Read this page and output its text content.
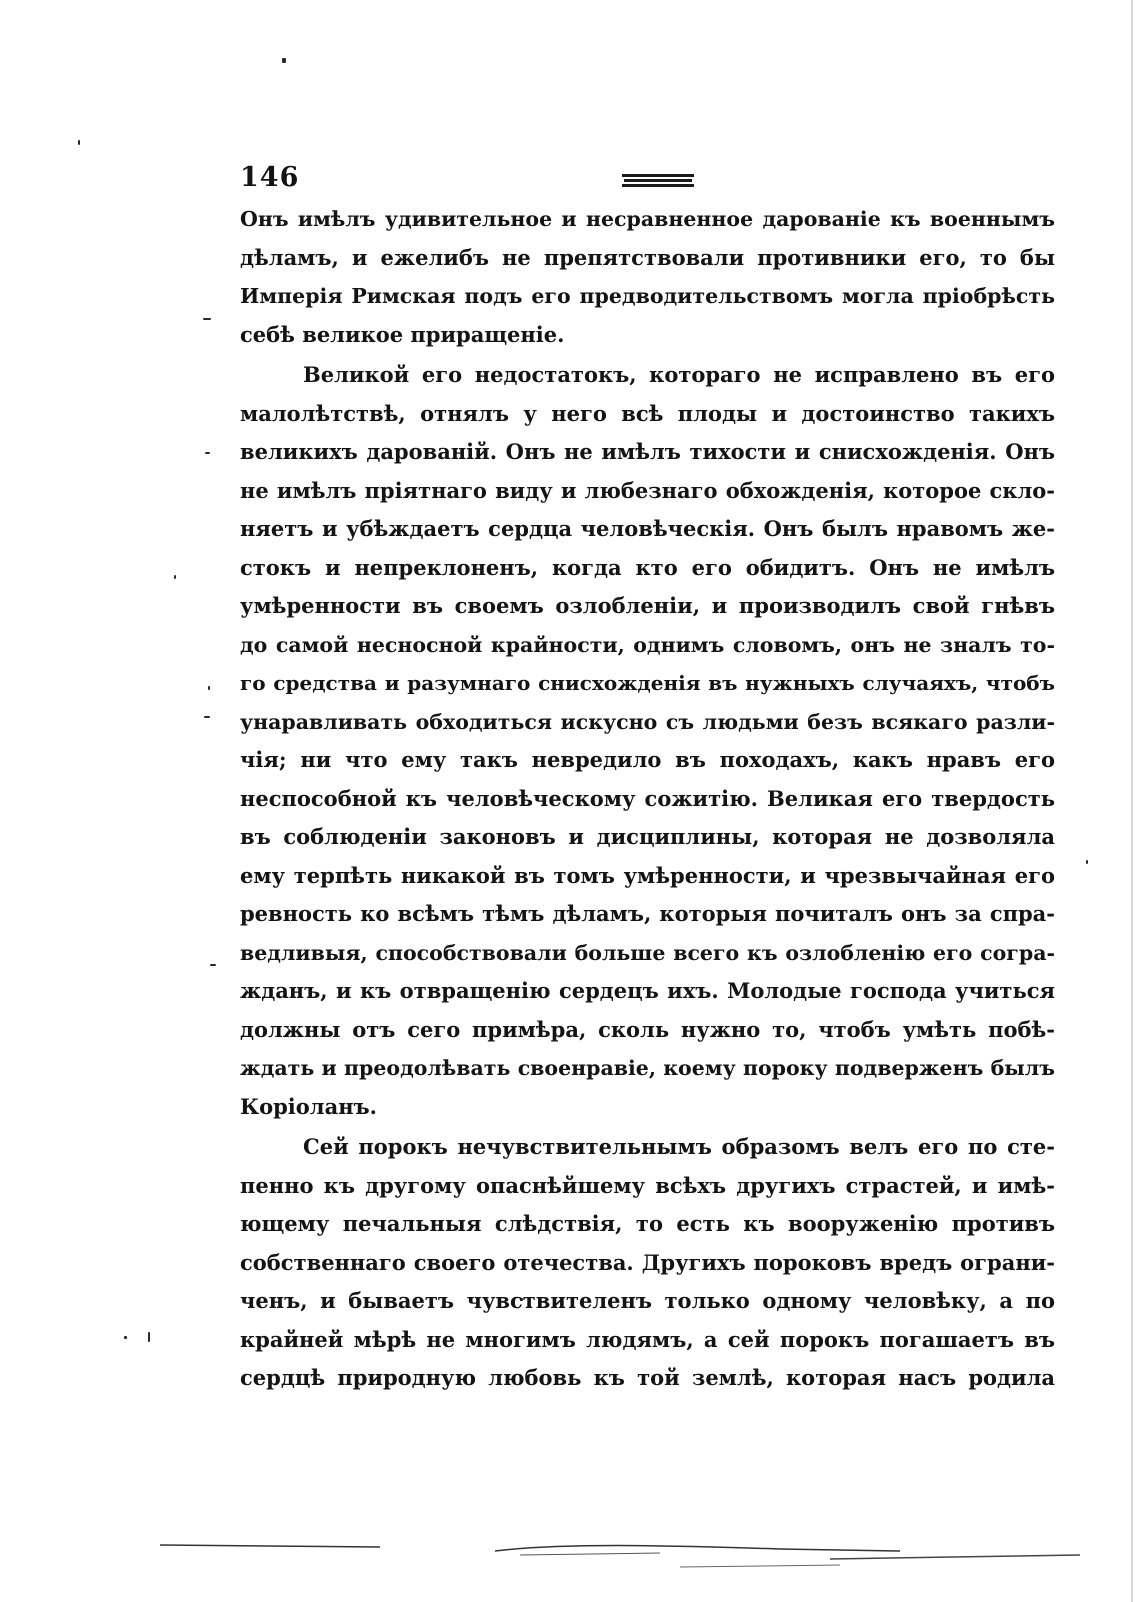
146
Онъ имѣлъ удивительное и несравненное дарованіе къ военнымъ
дѣламъ, и ежелибъ не препятствовали противники его, то бы
Имперія Римская подъ его предводительствомъ могла пріобрѣсть
себѣ великое приращеніе.
Великой его недостатокъ, котораго не исправлено въ его
малолѣтствѣ, отнялъ у него всѣ плоды и достоинство такихъ
великихъ дарованій. Онъ не имѣлъ тихости и снисхожденія. Онъ
не имѣлъ пріятнаго виду и любезнаго обхожденія, которое скло-
няетъ и убѣждаетъ сердца человѣческія. Онъ былъ нравомъ же-
стокъ и непреклоненъ, когда кто его обидитъ. Онъ не имѣлъ
умѣренности въ своемъ озлобленіи, и производилъ свой гнѣвъ
до самой несносной крайности, однимъ словомъ, онъ не зналъ то-
го средства и разумнаго снисхожденія въ нужныхъ случаяхъ, чтобъ
унаравливать обходиться искусно съ людьми безъ всякаго разли-
чія; ни что ему такъ невредило въ походахъ, какъ нравъ его
неспособной къ человѣческому сожитію. Великая его твердость
въ соблюденіи законовъ и дисциплины, которая не дозволяла
ему терпѣть никакой въ томъ умѣренности, и чрезвычайная его
ревность ко всѣмъ тѣмъ дѣламъ, которыя почиталъ онъ за спра-
ведливыя, способствовали больше всего къ озлобленію его согра-
жданъ, и къ отвращенію сердецъ ихъ. Молодые господа учиться
должны отъ сего примѣра, сколь нужно то, чтобъ умѣть побѣ-
ждать и преодолѣвать своенравіе, коему пороку подверженъ былъ
Коріоланъ.
Сей порокъ нечувствительнымъ образомъ велъ его по сте-
пенно къ другому опаснѣйшему всѣхъ другихъ страстей, и имѣ-
ющему печальныя слѣдствія, то есть къ вооруженію противъ
собственнаго своего отечества. Другихъ пороковъ вредъ ограни-
ченъ, и бываетъ чувствителенъ только одному человѣку, а по
крайней мѣрѣ не многимъ людямъ, а сей порокъ погашаетъ въ
сердцѣ природную любовь къ той землѣ, которая насъ родила
